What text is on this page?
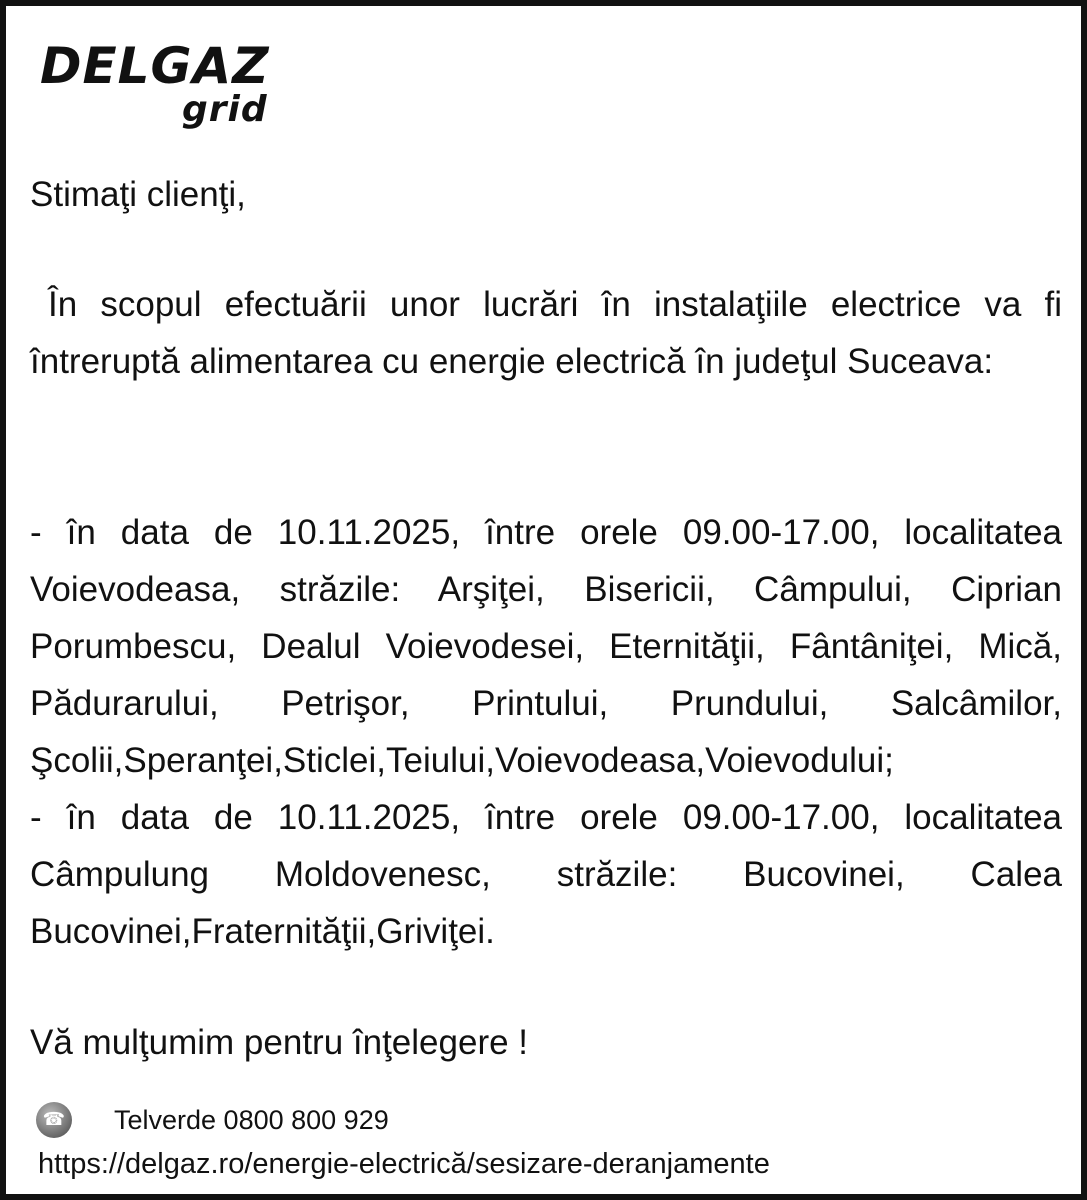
DELGAZ
grid

Stimaţi clienţi,

În scopul efectuării unor lucrări în instalaţiile electrice va fi întreruptă alimentarea cu energie electrică în judeţul Suceava:

- în data de 10.11.2025, între orele 09.00-17.00, localitatea Voievodeasa, străzile: Arşiţei, Bisericii, Câmpului, Ciprian Porumbescu, Dealul Voievodesei, Eternităţii, Fântâniţei, Mică, Pădurarului, Petrişor, Printului, Prundului, Salcâmilor, Şcolii,Speranţei,Sticlei,Teiului,Voievodeasa,Voievodului;

- în data de 10.11.2025, între orele 09.00-17.00, localitatea Câmpulung Moldovenesc, străzile: Bucovinei, Calea Bucovinei,Fraternităţii,Griviţei.

Vă mulţumim pentru înţelegere !

☎ Telverde 0800 800 929
https://delgaz.ro/energie-electrică/sesizare-deranjamente
